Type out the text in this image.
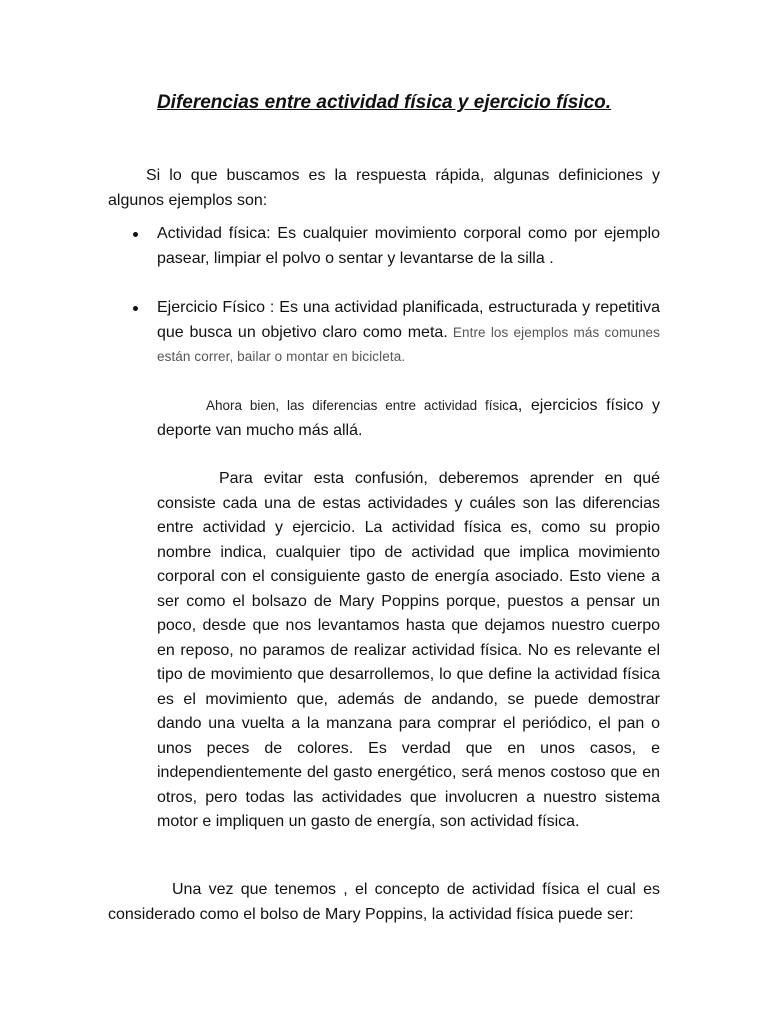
Diferencias entre actividad física y ejercicio físico.

Si lo que buscamos es la respuesta rápida, algunas definiciones y algunos ejemplos son:

Actividad física: Es cualquier movimiento corporal como por ejemplo pasear, limpiar el polvo o sentar y levantarse de la silla .
Ejercicio Físico : Es una actividad planificada, estructurada y repetitiva que busca un objetivo claro como meta. Entre los ejemplos más comunes están correr, bailar o montar en bicicleta.

Ahora bien, las diferencias entre actividad física, ejercicios físico y deporte van mucho más allá.

Para evitar esta confusión, deberemos aprender en qué consiste cada una de estas actividades y cuáles son las diferencias entre actividad y ejercicio. La actividad física es, como su propio nombre indica, cualquier tipo de actividad que implica movimiento corporal con el consiguiente gasto de energía asociado. Esto viene a ser como el bolsazo de Mary Poppins porque, puestos a pensar un poco, desde que nos levantamos hasta que dejamos nuestro cuerpo en reposo, no paramos de realizar actividad física. No es relevante el tipo de movimiento que desarrollemos, lo que define la actividad física es el movimiento que, además de andando, se puede demostrar dando una vuelta a la manzana para comprar el periódico, el pan o unos peces de colores. Es verdad que en unos casos, e independientemente del gasto energético, será menos costoso que en otros, pero todas las actividades que involucren a nuestro sistema motor e impliquen un gasto de energía, son actividad física.

Una vez que tenemos , el concepto de actividad física el cual es considerado como el bolso de Mary Poppins, la actividad física puede ser:
